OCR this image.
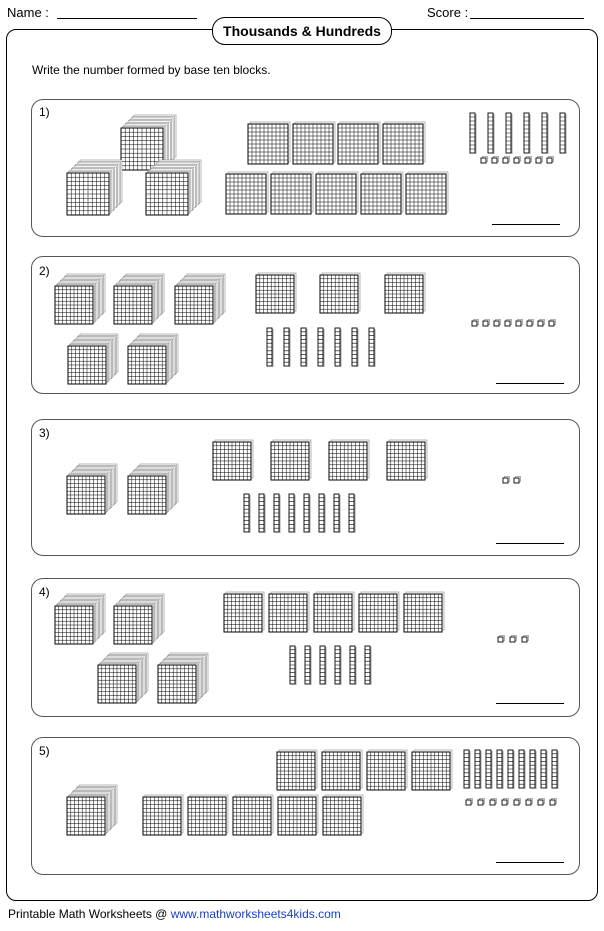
Name :	Score :
Thousands & Hundreds
Write the number formed by base ten blocks.
1)
2)
3)
4)
5)
Printable Math Worksheets @ www.mathworksheets4kids.com
